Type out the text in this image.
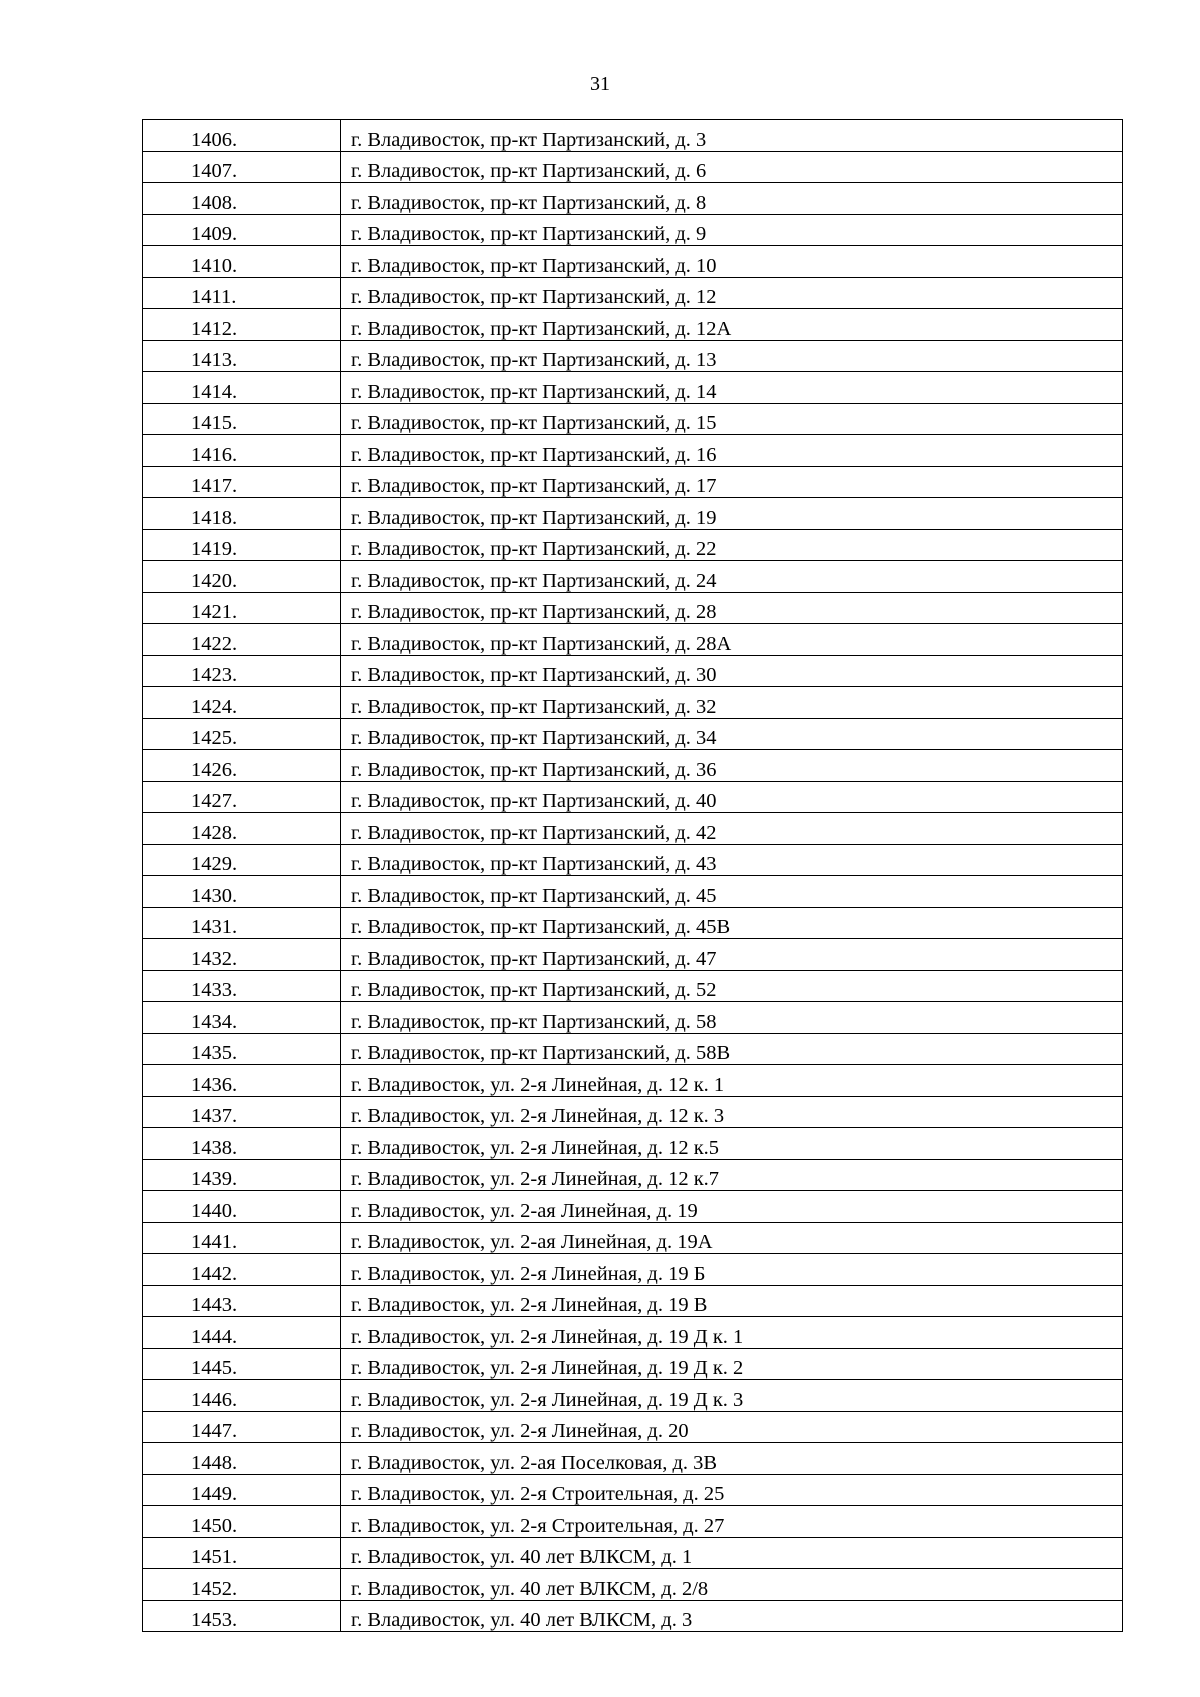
31
1406.	г. Владивосток, пр-кт Партизанский, д. 3
1407.	г. Владивосток, пр-кт Партизанский, д. 6
1408.	г. Владивосток, пр-кт Партизанский, д. 8
1409.	г. Владивосток, пр-кт Партизанский, д. 9
1410.	г. Владивосток, пр-кт Партизанский, д. 10
1411.	г. Владивосток, пр-кт Партизанский, д. 12
1412.	г. Владивосток, пр-кт Партизанский, д. 12А
1413.	г. Владивосток, пр-кт Партизанский, д. 13
1414.	г. Владивосток, пр-кт Партизанский, д. 14
1415.	г. Владивосток, пр-кт Партизанский, д. 15
1416.	г. Владивосток, пр-кт Партизанский, д. 16
1417.	г. Владивосток, пр-кт Партизанский, д. 17
1418.	г. Владивосток, пр-кт Партизанский, д. 19
1419.	г. Владивосток, пр-кт Партизанский, д. 22
1420.	г. Владивосток, пр-кт Партизанский, д. 24
1421.	г. Владивосток, пр-кт Партизанский, д. 28
1422.	г. Владивосток, пр-кт Партизанский, д. 28А
1423.	г. Владивосток, пр-кт Партизанский, д. 30
1424.	г. Владивосток, пр-кт Партизанский, д. 32
1425.	г. Владивосток, пр-кт Партизанский, д. 34
1426.	г. Владивосток, пр-кт Партизанский, д. 36
1427.	г. Владивосток, пр-кт Партизанский, д. 40
1428.	г. Владивосток, пр-кт Партизанский, д. 42
1429.	г. Владивосток, пр-кт Партизанский, д. 43
1430.	г. Владивосток, пр-кт Партизанский, д. 45
1431.	г. Владивосток, пр-кт Партизанский, д. 45В
1432.	г. Владивосток, пр-кт Партизанский, д. 47
1433.	г. Владивосток, пр-кт Партизанский, д. 52
1434.	г. Владивосток, пр-кт Партизанский, д. 58
1435.	г. Владивосток, пр-кт Партизанский, д. 58В
1436.	г. Владивосток, ул. 2-я Линейная, д. 12 к. 1
1437.	г. Владивосток, ул. 2-я Линейная, д. 12 к. 3
1438.	г. Владивосток, ул. 2-я Линейная, д. 12 к.5
1439.	г. Владивосток, ул. 2-я Линейная, д. 12 к.7
1440.	г. Владивосток, ул. 2-ая Линейная, д. 19
1441.	г. Владивосток, ул. 2-ая Линейная, д. 19А
1442.	г. Владивосток, ул. 2-я Линейная, д. 19 Б
1443.	г. Владивосток, ул. 2-я Линейная, д. 19 В
1444.	г. Владивосток, ул. 2-я Линейная, д. 19 Д к. 1
1445.	г. Владивосток, ул. 2-я Линейная, д. 19 Д к. 2
1446.	г. Владивосток, ул. 2-я Линейная, д. 19 Д к. 3
1447.	г. Владивосток, ул. 2-я Линейная, д. 20
1448.	г. Владивосток, ул. 2-ая Поселковая, д. 3В
1449.	г. Владивосток, ул. 2-я Строительная, д. 25
1450.	г. Владивосток, ул. 2-я Строительная, д. 27
1451.	г. Владивосток, ул. 40 лет ВЛКСМ, д. 1
1452.	г. Владивосток, ул. 40 лет ВЛКСМ, д. 2/8
1453.	г. Владивосток, ул. 40 лет ВЛКСМ, д. 3
